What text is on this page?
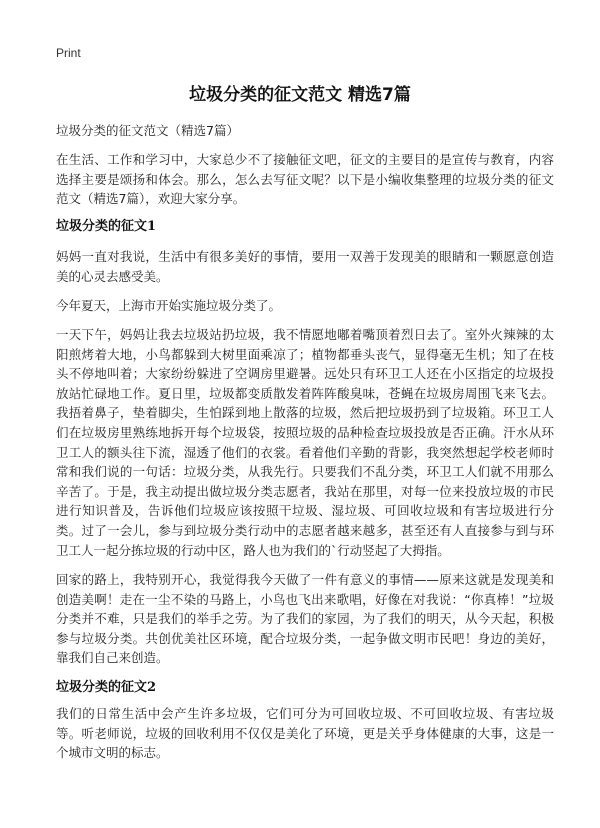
Print
垃圾分类的征文范文 精选7篇
垃圾分类的征文范文（精选7篇）

在生活、工作和学习中，大家总少不了接触征文吧，征文的主要目的是宣传与教育，内容选择主要是颂扬和体会。那么，怎么去写征文呢？以下是小编收集整理的垃圾分类的征文范文（精选7篇），欢迎大家分享。

垃圾分类的征文1

妈妈一直对我说，生活中有很多美好的事情，要用一双善于发现美的眼睛和一颗愿意创造美的心灵去感受美。

今年夏天，上海市开始实施垃圾分类了。

一天下午，妈妈让我去垃圾站扔垃圾，我不情愿地嘟着嘴顶着烈日去了。室外火辣辣的太阳煎烤着大地，小鸟都躲到大树里面乘凉了；植物都垂头丧气，显得毫无生机；知了在枝头不停地叫着；大家纷纷躲进了空调房里避暑。远处只有环卫工人还在小区指定的垃圾投放站忙碌地工作。夏日里，垃圾都变质散发着阵阵酸臭味，苍蝇在垃圾房周围飞来飞去。我捂着鼻子，垫着脚尖，生怕踩到地上散落的垃圾，然后把垃圾扔到了垃圾箱。环卫工人们在垃圾房里熟练地拆开每个垃圾袋，按照垃圾的品种检查垃圾投放是否正确。汗水从环卫工人的额头往下流，湿透了他们的衣裳。看着他们辛勤的背影，我突然想起学校老师时常和我们说的一句话：垃圾分类，从我先行。只要我们不乱分类，环卫工人们就不用那么辛苦了。于是，我主动提出做垃圾分类志愿者，我站在那里，对每一位来投放垃圾的市民进行知识普及，告诉他们垃圾应该按照干垃圾、湿垃圾、可回收垃圾和有害垃圾进行分类。过了一会儿，参与到垃圾分类行动中的志愿者越来越多，甚至还有人直接参与到与环卫工人一起分拣垃圾的行动中区，路人也为我们的`行动竖起了大拇指。

回家的路上，我特别开心，我觉得我今天做了一件有意义的事情——原来这就是发现美和创造美啊！走在一尘不染的马路上，小鸟也飞出来歌唱，好像在对我说：“你真棒！”垃圾分类并不难，只是我们的举手之劳。为了我们的家园，为了我们的明天，从今天起，积极参与垃圾分类。共创优美社区环境，配合垃圾分类，一起争做文明市民吧！身边的美好，靠我们自己来创造。

垃圾分类的征文2

我们的日常生活中会产生许多垃圾，它们可分为可回收垃圾、不可回收垃圾、有害垃圾等。听老师说，垃圾的回收利用不仅仅是美化了环境，更是关乎身体健康的大事，这是一个城市文明的标志。
